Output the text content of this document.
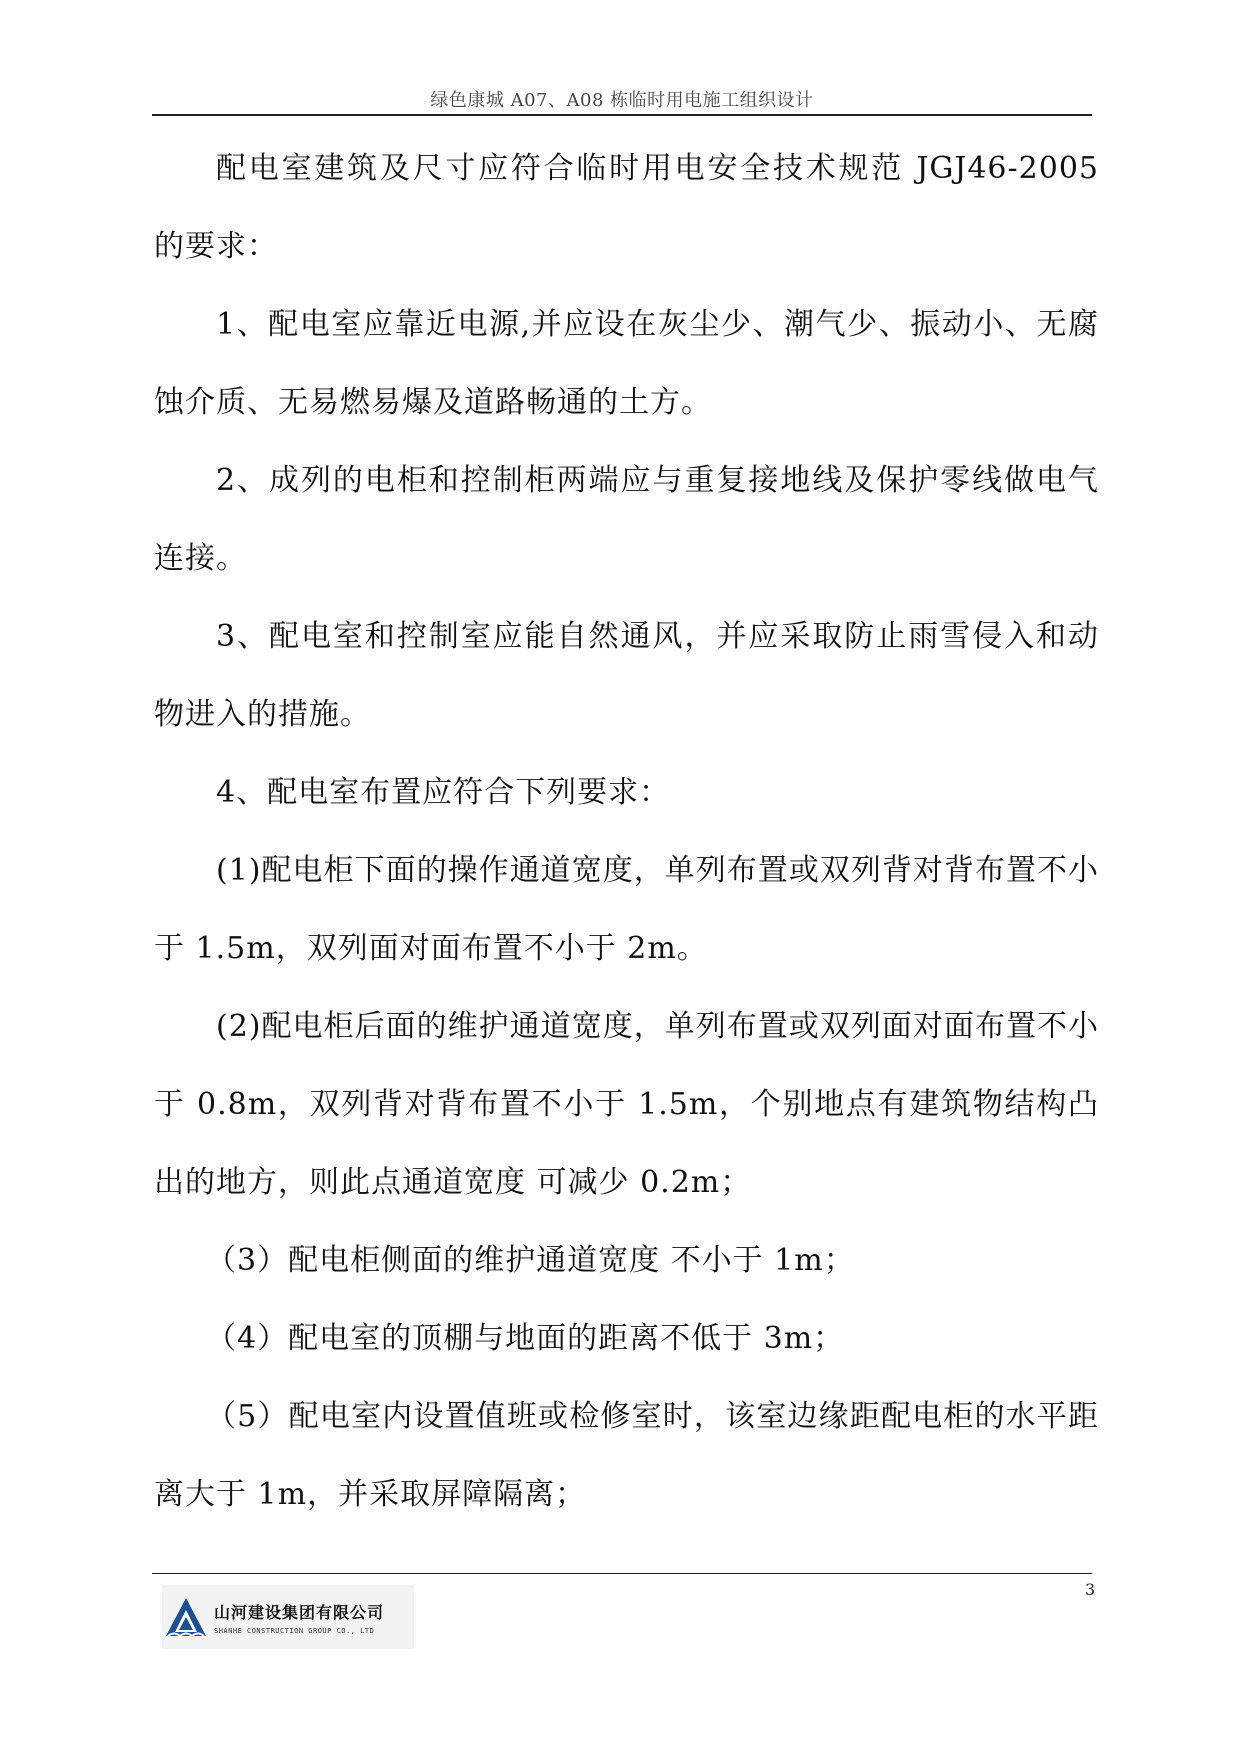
绿色康城 A07、A08 栋临时用电施工组织设计

配电室建筑及尺寸应符合临时用电安全技术规范 JGJ46-2005 的要求：

1、配电室应靠近电源,并应设在灰尘少、潮气少、振动小、无腐蚀介质、无易燃易爆及道路畅通的土方。

2、成列的电柜和控制柜两端应与重复接地线及保护零线做电气连接。

3、配电室和控制室应能自然通风，并应采取防止雨雪侵入和动物进入的措施。

4、配电室布置应符合下列要求：

(1)配电柜下面的操作通道宽度，单列布置或双列背对背布置不小于 1.5m，双列面对面布置不小于 2m。

(2)配电柜后面的维护通道宽度，单列布置或双列面对面布置不小于 0.8m，双列背对背布置不小于 1.5m，个别地点有建筑物结构凸出的地方，则此点通道宽度 可减少 0.2m；

（3）配电柜侧面的维护通道宽度 不小于 1m；

（4）配电室的顶棚与地面的距离不低于 3m；

（5）配电室内设置值班或检修室时，该室边缘距配电柜的水平距离大于 1m，并采取屏障隔离；

3
山河建设集团有限公司
SHANHE CONSTRUCTION GROUP CO., LTD
